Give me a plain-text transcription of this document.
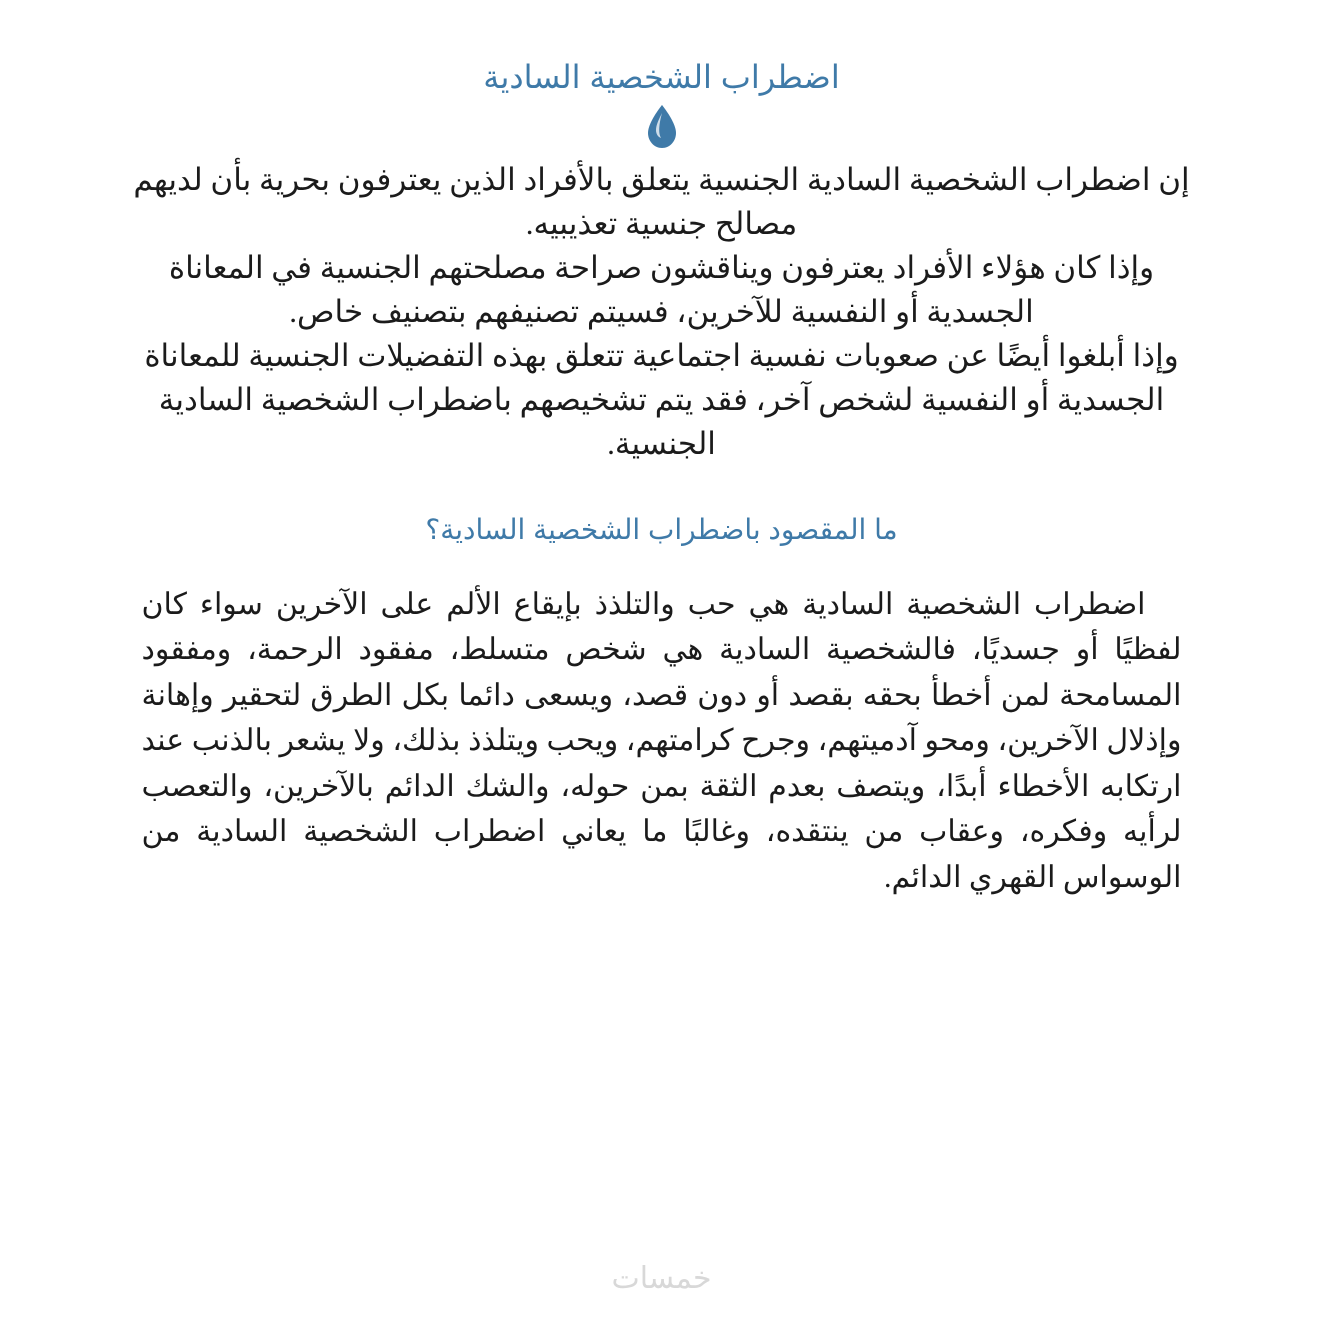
اضطراب الشخصية السادية

إن اضطراب الشخصية السادية الجنسية يتعلق بالأفراد الذين يعترفون بحرية بأن لديهم مصالح جنسية تعذيبيه.

وإذا كان هؤلاء الأفراد يعترفون ويناقشون صراحة مصلحتهم الجنسية في المعاناة الجسدية أو النفسية للآخرين، فسيتم تصنيفهم بتصنيف خاص.

وإذا أبلغوا أيضًا عن صعوبات نفسية اجتماعية تتعلق بهذه التفضيلات الجنسية للمعاناة الجسدية أو النفسية لشخص آخر، فقد يتم تشخيصهم باضطراب الشخصية السادية الجنسية.

ما المقصود باضطراب الشخصية السادية؟

اضطراب الشخصية السادية هي حب والتلذذ بإيقاع الألم على الآخرين سواء كان لفظيًا أو جسديًا، فالشخصية السادية هي شخص متسلط، مفقود الرحمة، ومفقود المسامحة لمن أخطأ بحقه بقصد أو دون قصد، ويسعى دائما بكل الطرق لتحقير وإهانة وإذلال الآخرين، ومحو آدميتهم، وجرح كرامتهم، ويحب ويتلذذ بذلك، ولا يشعر بالذنب عند ارتكابه الأخطاء أبدًا، ويتصف بعدم الثقة بمن حوله، والشك الدائم بالآخرين، والتعصب لرأيه وفكره، وعقاب من ينتقده، وغالبًا ما يعاني اضطراب الشخصية السادية من الوسواس القهري الدائم.

خمسات
